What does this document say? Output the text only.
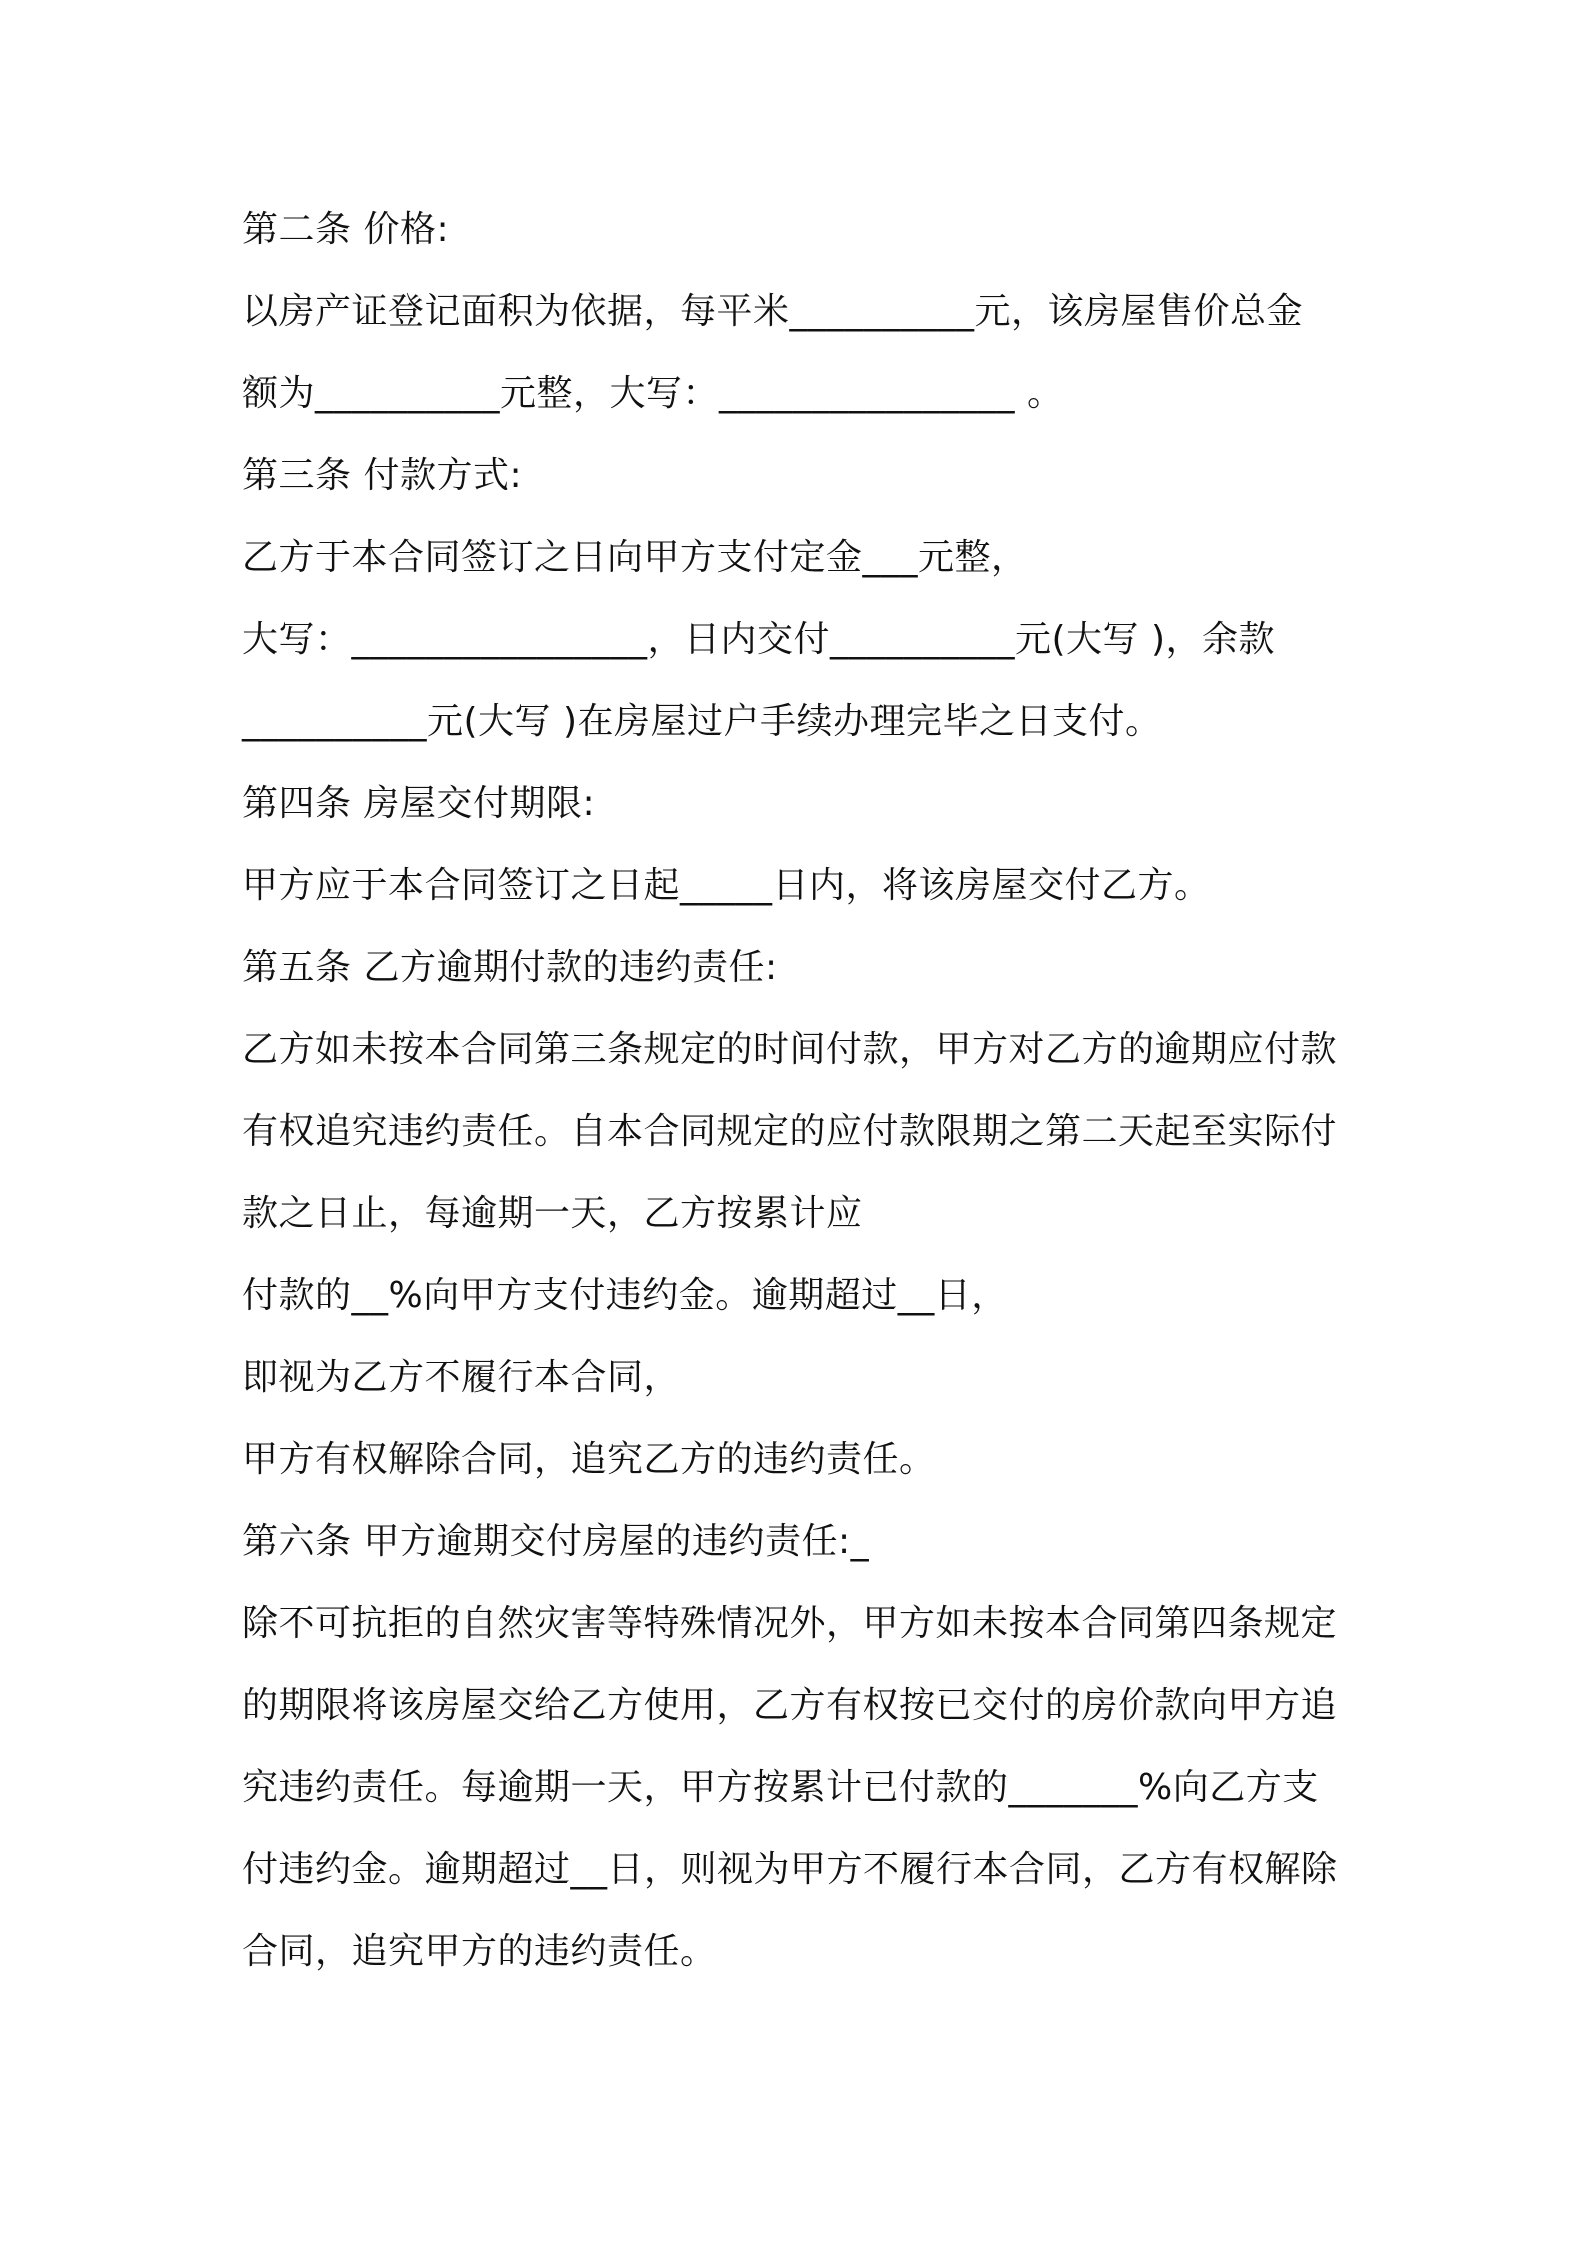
第二条 价格:
以房产证登记面积为依据，每平米__________元，该房屋售价总金
额为__________元整，大写：________________ 。
第三条 付款方式:
乙方于本合同签订之日向甲方支付定金___元整，
大写：________________，日内交付__________元(大写 )，余款
__________元(大写 )在房屋过户手续办理完毕之日支付。
第四条 房屋交付期限:
甲方应于本合同签订之日起_____日内，将该房屋交付乙方。
第五条 乙方逾期付款的违约责任:
乙方如未按本合同第三条规定的时间付款，甲方对乙方的逾期应付款
有权追究违约责任。自本合同规定的应付款限期之第二天起至实际付
款之日止，每逾期一天，乙方按累计应
付款的__%向甲方支付违约金。逾期超过__日，
即视为乙方不履行本合同，
甲方有权解除合同，追究乙方的违约责任。
第六条 甲方逾期交付房屋的违约责任:_
除不可抗拒的自然灾害等特殊情况外，甲方如未按本合同第四条规定
的期限将该房屋交给乙方使用，乙方有权按已交付的房价款向甲方追
究违约责任。每逾期一天，甲方按累计已付款的_______%向乙方支
付违约金。逾期超过__日，则视为甲方不履行本合同，乙方有权解除
合同，追究甲方的违约责任。
